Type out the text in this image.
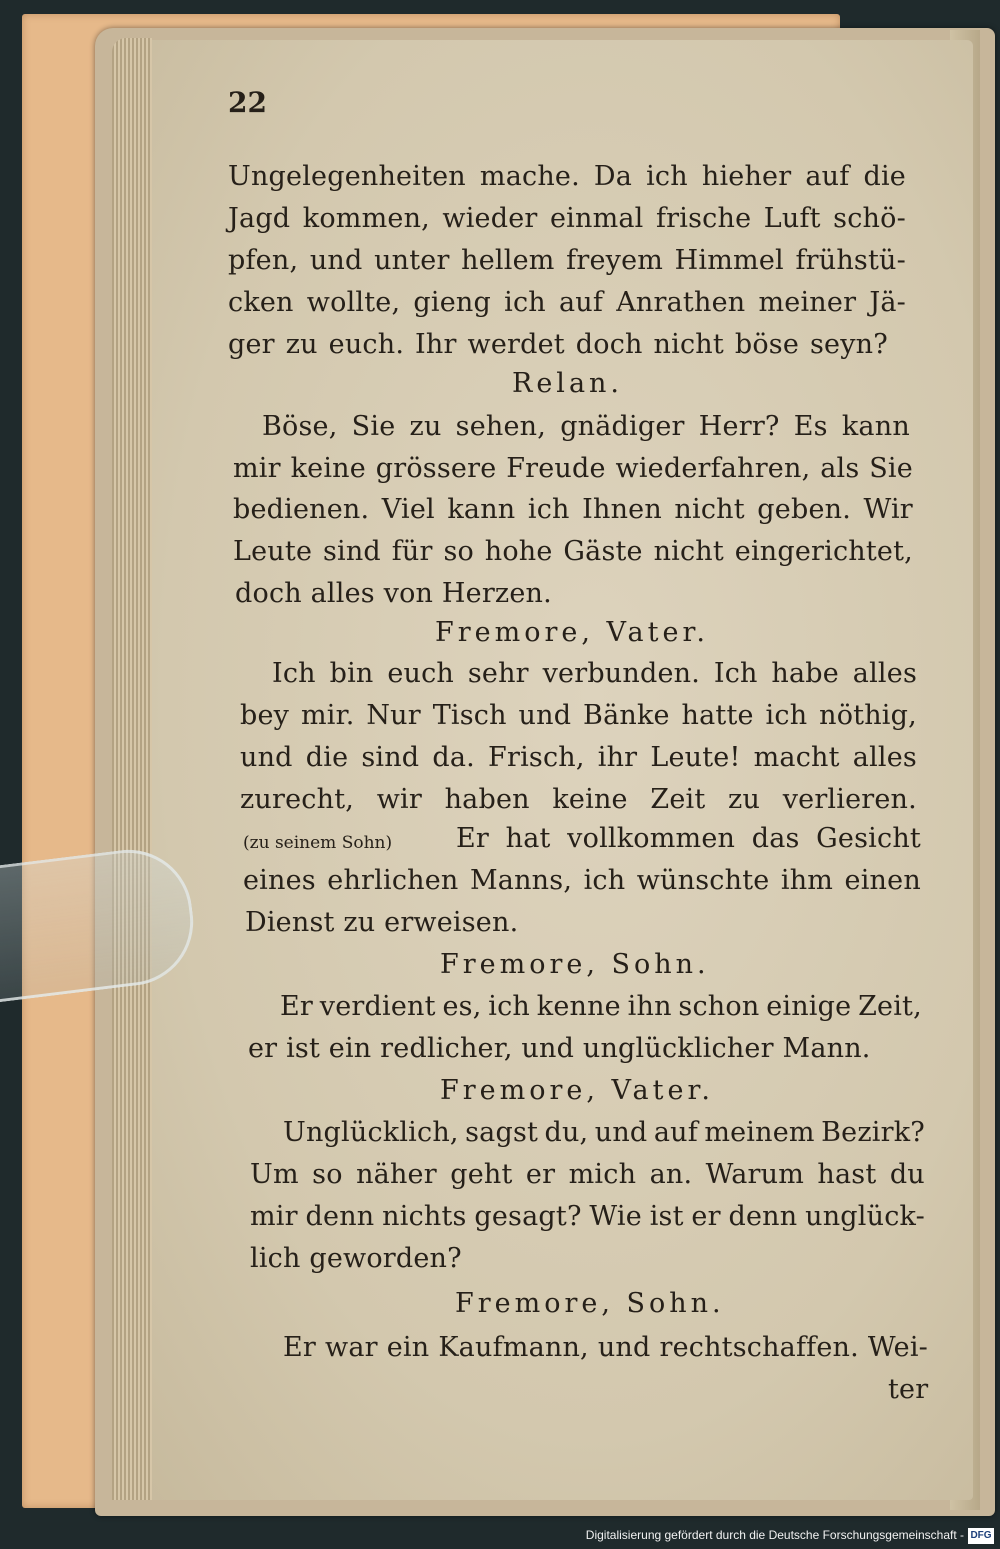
22
Ungelegenheiten mache. Da ich hieher auf die
Jagd kommen, wieder einmal frische Luft schö-
pfen, und unter hellem freyem Himmel frühstü-
cken wollte, gieng ich auf Anrathen meiner Jä-
ger zu euch. Ihr werdet doch nicht böse seyn?
Relan.
Böse, Sie zu sehen, gnädiger Herr? Es kann
mir keine grössere Freude wiederfahren, als Sie
bedienen. Viel kann ich Ihnen nicht geben. Wir
Leute sind für so hohe Gäste nicht eingerichtet,
doch alles von Herzen.
Fremore, Vater.
Ich bin euch sehr verbunden. Ich habe alles
bey mir. Nur Tisch und Bänke hatte ich nöthig,
und die sind da. Frisch, ihr Leute! macht alles
zurecht, wir haben keine Zeit zu verlieren.
(zu seinem Sohn) Er hat vollkommen das Gesicht
eines ehrlichen Manns, ich wünschte ihm einen
Dienst zu erweisen.
Fremore, Sohn.
Er verdient es, ich kenne ihn schon einige Zeit,
er ist ein redlicher, und unglücklicher Mann.
Fremore, Vater.
Unglücklich, sagst du, und auf meinem Bezirk?
Um so näher geht er mich an. Warum hast du
mir denn nichts gesagt? Wie ist er denn unglück-
lich geworden?
Fremore, Sohn.
Er war ein Kaufmann, und rechtschaffen. Wei-
ter
Digitalisierung gefördert durch die Deutsche Forschungsgemeinschaft - DFG
